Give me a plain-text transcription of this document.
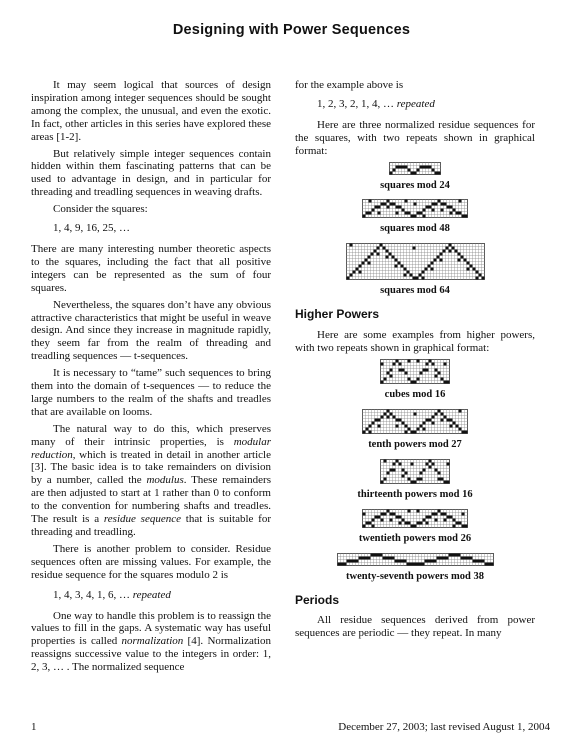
Designing with Power Sequences

It may seem logical that sources of design inspiration among integer sequences should be sought among the complex, the unusual, and even the exotic. In fact, other articles in this series have explored these areas [1-2].

But relatively simple integer sequences contain hidden within them fascinating patterns that can be used to advantage in design, and in particular for threading and treadling sequences in weaving drafts.

Consider the squares:

1, 4, 9, 16, 25, …

There are many interesting number theoretic aspects to the squares, including the fact that all positive integers can be represented as the sum of four squares.

Nevertheless, the squares don’t have any obvious attractive characteristics that might be useful in weave design. And since they increase in magnitude rapidly, they seem far from the realm of threading and treadling sequences — t-sequences.

It is necessary to “tame” such sequences to bring them into the domain of t-sequences — to reduce the large numbers to the realm of the shafts and treadles that are available on looms.

The natural way to do this, which preserves many of their intrinsic properties, is modular reduction, which is treated in detail in another article [3]. The basic idea is to take remainders on division by a number, called the modulus. These remainders are then adjusted to start at 1 rather than 0 to conform to the convention for numbering shafts and treadles. The result is a residue sequence that is suitable for threading and treadling.

There is another problem to consider. Residue sequences often are missing values. For example, the residue sequence for the squares modulo 2 is

1, 4, 3, 4, 1, 6, … repeated

One way to handle this problem is to reassign the values to fill in the gaps. A systematic way has useful properties is called normalization [4]. Normalization reassigns successive value to the integers in order: 1, 2, 3, … . The normalized sequence

for the example above is

1, 2, 3, 2, 1, 4, … repeated

Here are three normalized residue sequences for the squares, with two repeats shown in graphical format:

squares mod 24
squares mod 48
squares mod 64
Higher Powers

Here are some examples from higher powers, with two repeats shown in graphical format:

cubes mod 16
tenth powers mod 27
thirteenth powers mod 16
twentieth powers mod 26
twenty-seventh powers mod 38
Periods

All residue sequences derived from power sequences are periodic — they repeat. In many

1	December 27, 2003; last revised August 1, 2004
